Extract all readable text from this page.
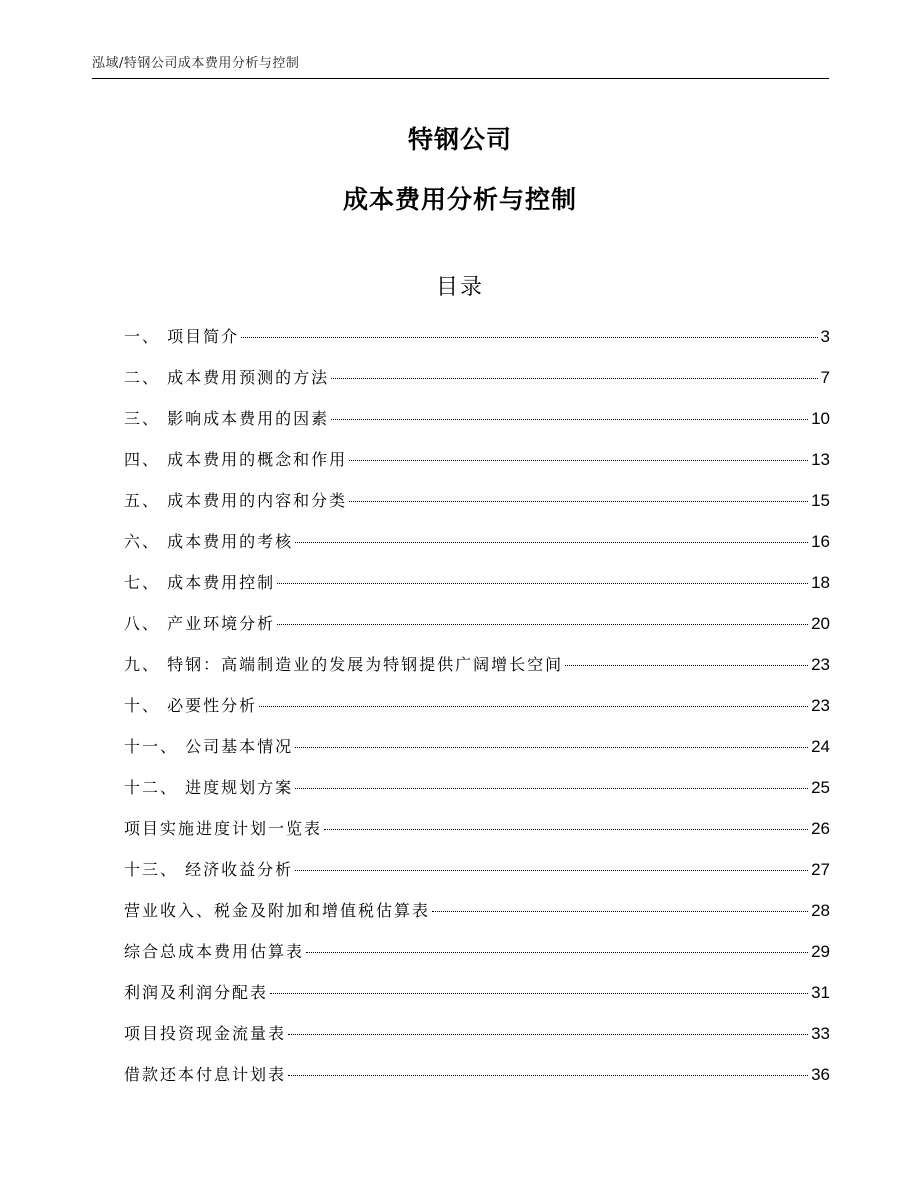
泓域/特钢公司成本费用分析与控制
特钢公司
成本费用分析与控制
目录
一、 项目简介	3
二、 成本费用预测的方法	7
三、 影响成本费用的因素	10
四、 成本费用的概念和作用	13
五、 成本费用的内容和分类	15
六、 成本费用的考核	16
七、 成本费用控制	18
八、 产业环境分析	20
九、 特钢：高端制造业的发展为特钢提供广阔增长空间	23
十、 必要性分析	23
十一、 公司基本情况	24
十二、 进度规划方案	25
项目实施进度计划一览表	26
十三、 经济收益分析	27
营业收入、税金及附加和增值税估算表	28
综合总成本费用估算表	29
利润及利润分配表	31
项目投资现金流量表	33
借款还本付息计划表	36
